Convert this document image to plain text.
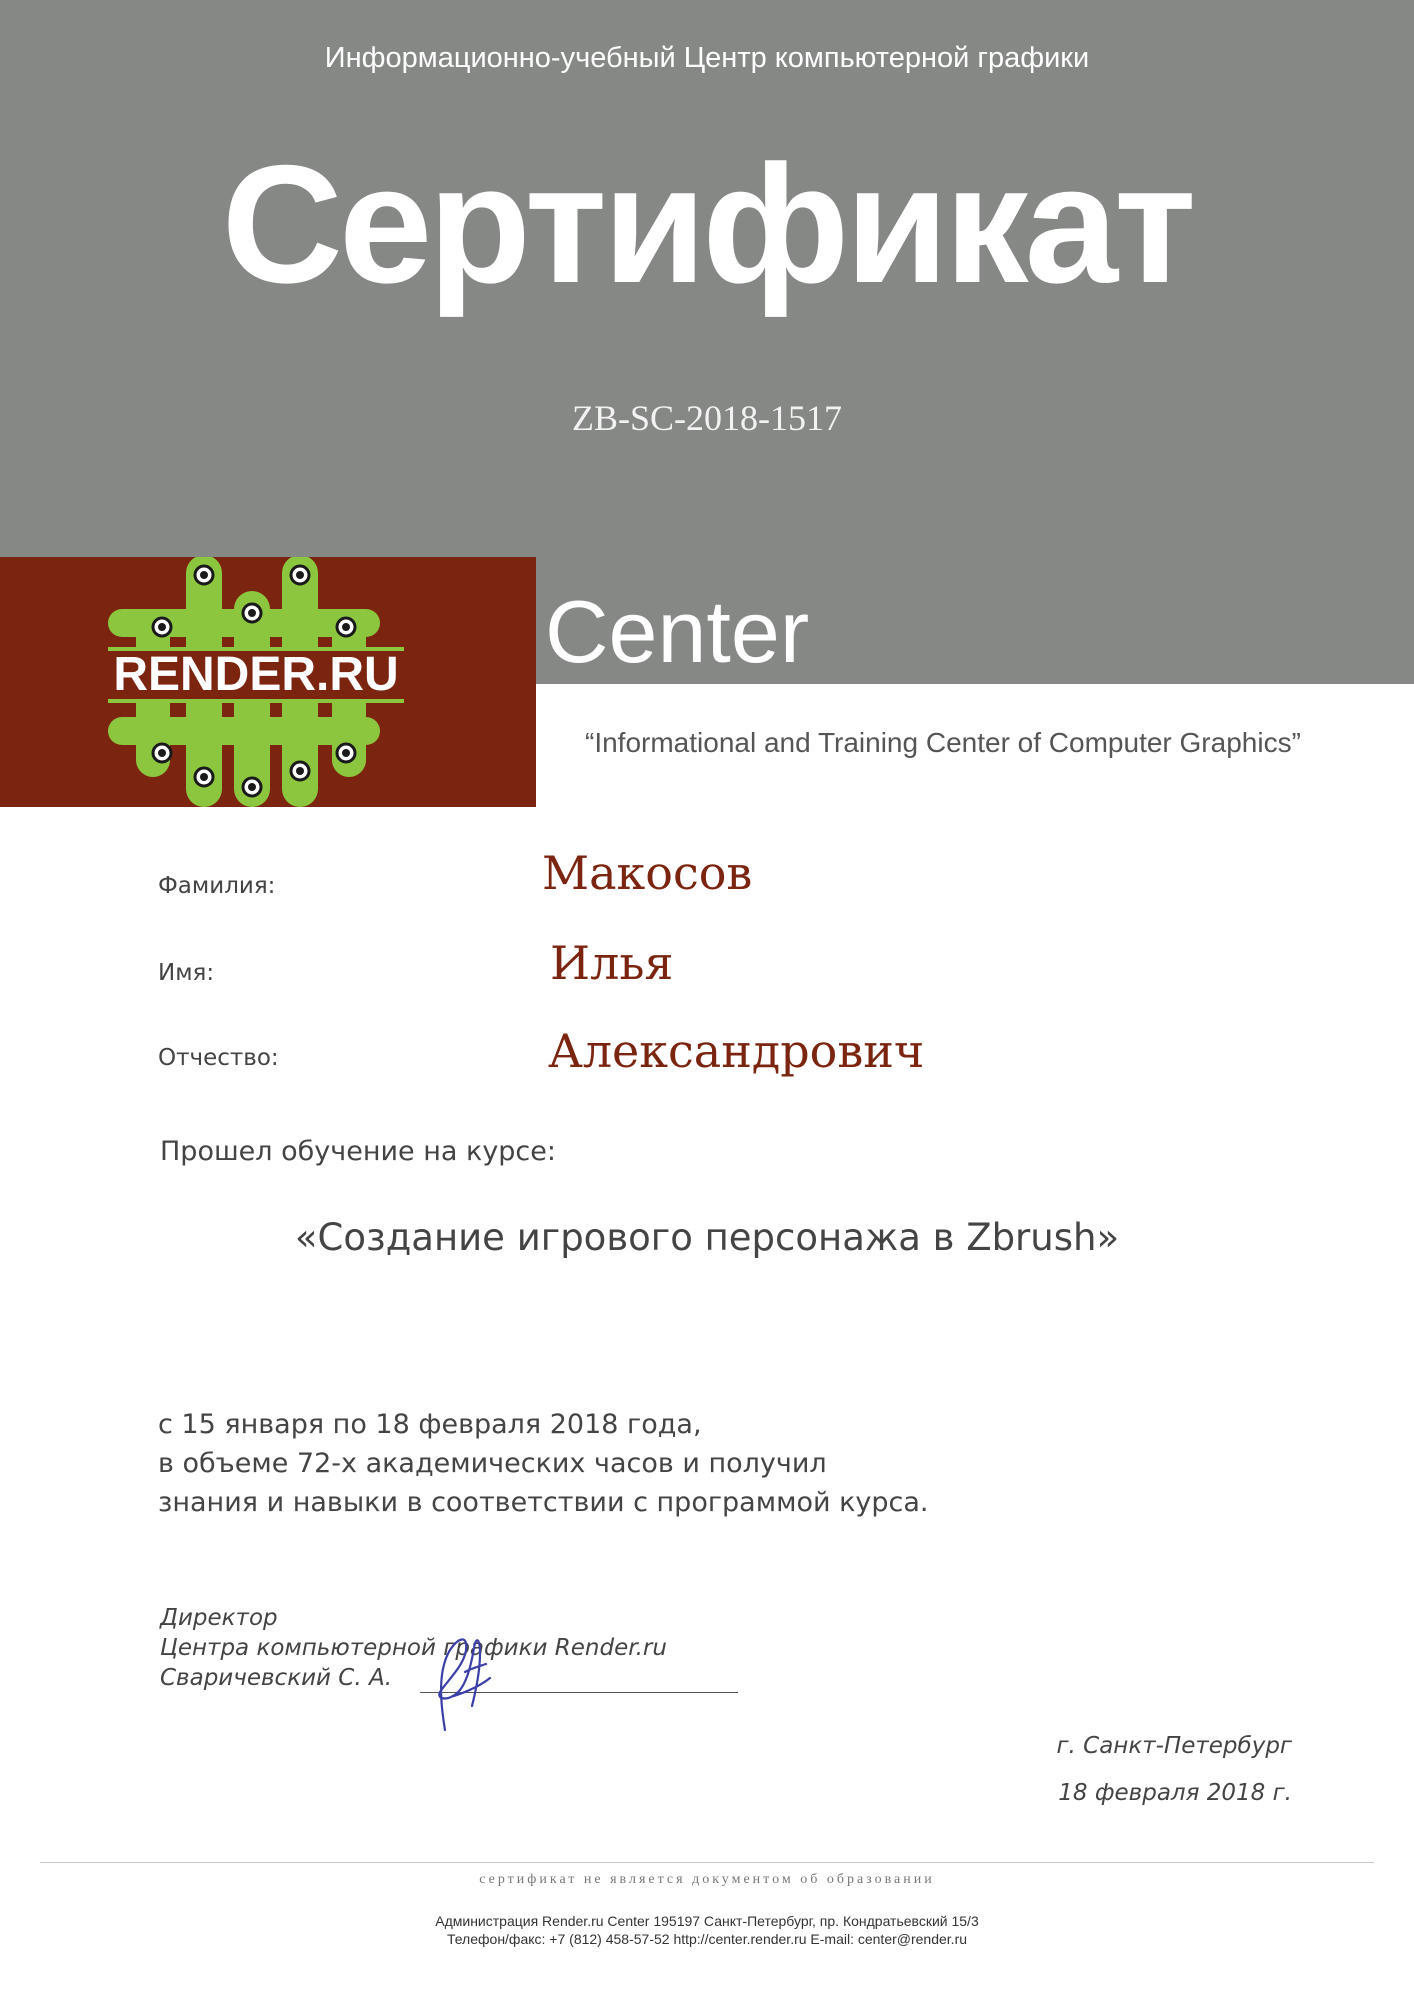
Информационно-учебный Центр компьютерной графики
Сертификат
ZB-SC-2018-1517
RENDER.RU Center
“Informational and Training Center of Computer Graphics”
Фамилия:	Макосов
Имя:	Илья
Отчество:	Александрович
Прошел обучение на курсе:
«Создание игрового персонажа в Zbrush»
с 15 января по 18 февраля 2018 года,
в объеме 72-х академических часов и получил
знания и навыки в соответствии с программой курса.
Директор
Центра компьютерной графики Render.ru
Сваричевский С. А.
г. Санкт-Петербург
18 февраля 2018 г.
сертификат не является документом об образовании
Администрация Render.ru Center 195197 Санкт-Петербург, пр. Кондратьевский 15/3
Телефон/факс: +7 (812) 458-57-52 http://center.render.ru E-mail: center@render.ru
